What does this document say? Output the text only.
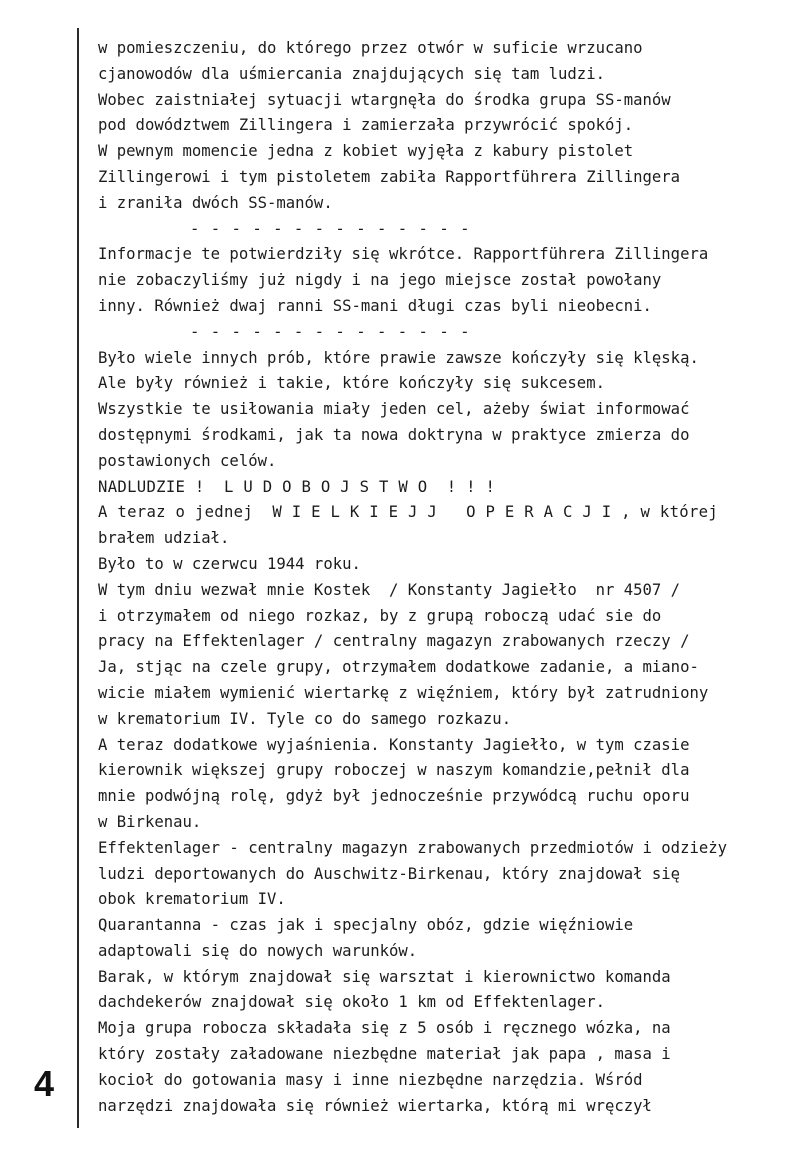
4
w pomieszczeniu, do którego przez otwór w suficie wrzucano
cjanowodów dla uśmiercania znajdujących się tam ludzi.
Wobec zaistniałej sytuacji wtargnęła do środka grupa SS-manów
pod dowództwem Zillingera i zamierzała przywrócić spokój.
W pewnym momencie jedna z kobiet wyjęła z kabury pistolet
Zillingerowi i tym pistoletem zabiła Rapportführera Zillingera
i zraniła dwóch SS-manów.
- - - - - - - - - - - - - -
Informacje te potwierdziły się wkrótce. Rapportführera Zillingera
nie zobaczyliśmy już nigdy i na jego miejsce został powołany
inny. Również dwaj ranni SS-mani długi czas byli nieobecni.
- - - - - - - - - - - - - -
Było wiele innych prób, które prawie zawsze kończyły się klęską.
Ale były również i takie, które kończyły się sukcesem.
Wszystkie te usiłowania miały jeden cel, ażeby świat informować
dostępnymi środkami, jak ta nowa doktryna w praktyce zmierza do
postawionych celów.
NADLUDZIE !  L U D O B O J S T W O  ! ! !
A teraz o jednej  W I E L K I E J J   O P E R A C J I , w której
brałem udział.
Było to w czerwcu 1944 roku.
W tym dniu wezwał mnie Kostek  / Konstanty Jagiełło  nr 4507 /
i otrzymałem od niego rozkaz, by z grupą roboczą udać sie do
pracy na Effektenlager / centralny magazyn zrabowanych rzeczy /
Ja, stjąc na czele grupy, otrzymałem dodatkowe zadanie, a miano-
wicie miałem wymienić wiertarkę z więźniem, który był zatrudniony
w krematorium IV. Tyle co do samego rozkazu.
A teraz dodatkowe wyjaśnienia. Konstanty Jagiełło, w tym czasie
kierownik większej grupy roboczej w naszym komandzie,pełnił dla
mnie podwójną rolę, gdyż był jednocześnie przywódcą ruchu oporu
w Birkenau.
Effektenlager - centralny magazyn zrabowanych przedmiotów i odzieży
ludzi deportowanych do Auschwitz-Birkenau, który znajdował się
obok krematorium IV.
Quarantanna - czas jak i specjalny obóz, gdzie więźniowie
adaptowali się do nowych warunków.
Barak, w którym znajdował się warsztat i kierownictwo komanda
dachdekerów znajdował się około 1 km od Effektenlager.
Moja grupa robocza składała się z 5 osób i ręcznego wózka, na
który zostały załadowane niezbędne materiał jak papa , masa i
kocioł do gotowania masy i inne niezbędne narzędzia. Wśród
narzędzi znajdowała się również wiertarka, którą mi wręczył
